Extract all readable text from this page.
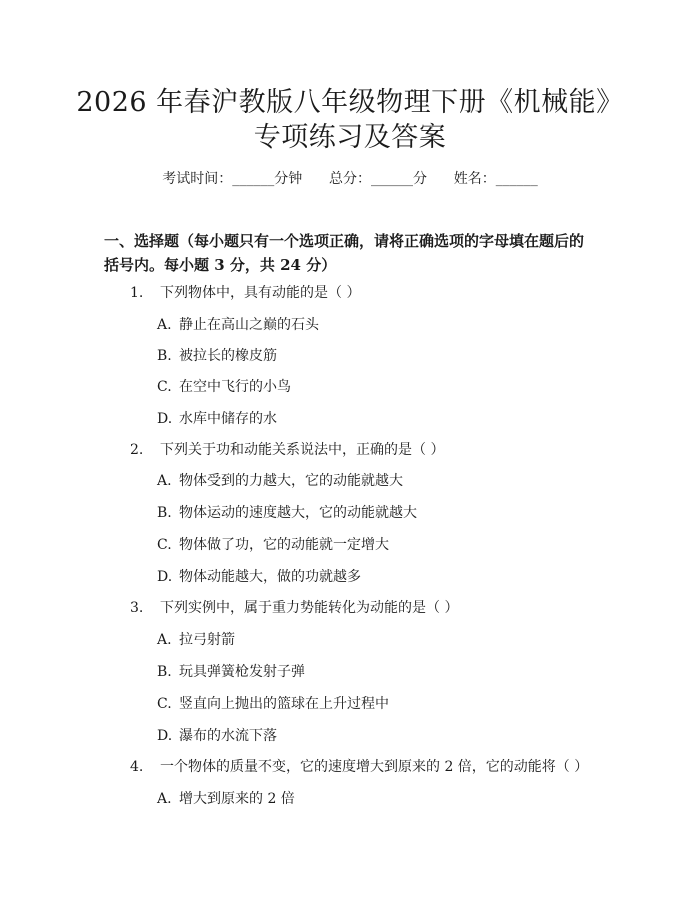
2026 年春沪教版八年级物理下册《机械能》
专项练习及答案
考试时间：______分钟      总分：______分      姓名：______
一、选择题（每小题只有一个选项正确，请将正确选项的字母填在题后的括号内。每小题 3 分，共 24 分）
1. 下列物体中，具有动能的是（ ）
A. 静止在高山之巅的石头
B. 被拉长的橡皮筋
C. 在空中飞行的小鸟
D. 水库中储存的水
2. 下列关于功和动能关系说法中，正确的是（ ）
A. 物体受到的力越大，它的动能就越大
B. 物体运动的速度越大，它的动能就越大
C. 物体做了功，它的动能就一定增大
D. 物体动能越大，做的功就越多
3. 下列实例中，属于重力势能转化为动能的是（ ）
A. 拉弓射箭
B. 玩具弹簧枪发射子弹
C. 竖直向上抛出的篮球在上升过程中
D. 瀑布的水流下落
4. 一个物体的质量不变，它的速度增大到原来的 2 倍，它的动能将（ ）
A. 增大到原来的 2 倍
